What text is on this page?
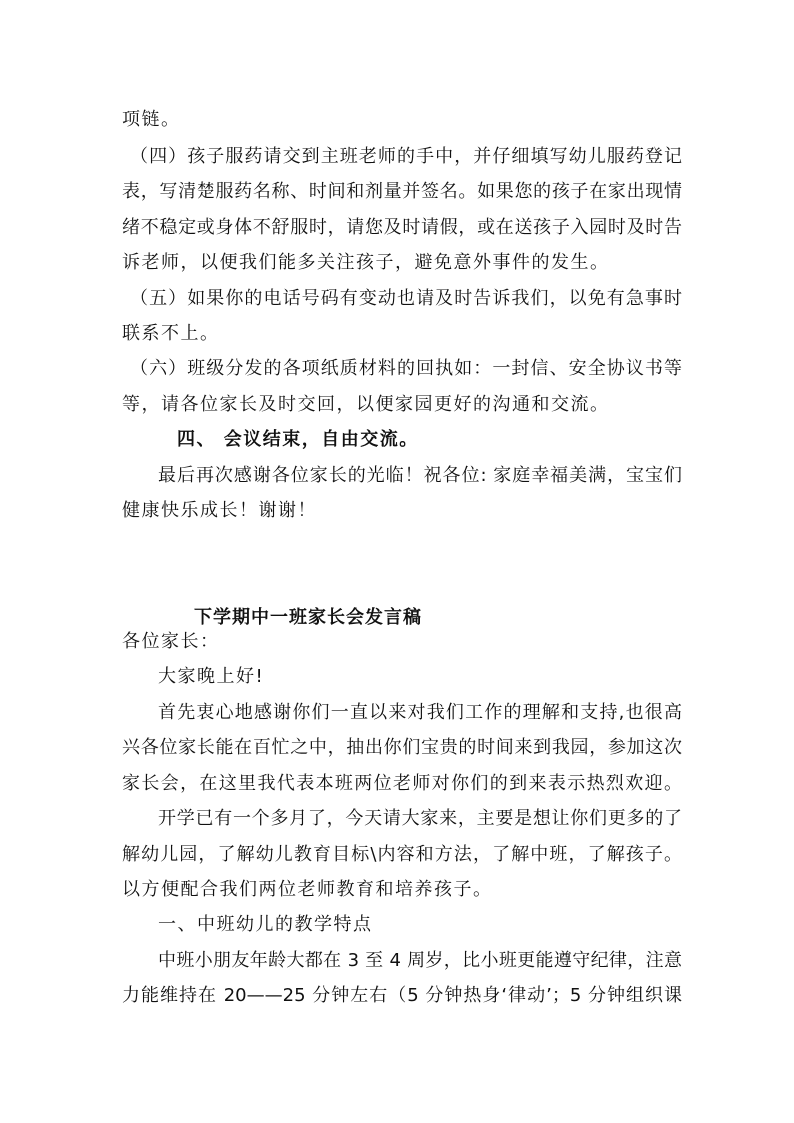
项链。
（四）孩子服药请交到主班老师的手中，并仔细填写幼儿服药登记
表，写清楚服药名称、时间和剂量并签名。如果您的孩子在家出现情
绪不稳定或身体不舒服时，请您及时请假，或在送孩子入园时及时告
诉老师，以便我们能多关注孩子，避免意外事件的发生。
（五）如果你的电话号码有变动也请及时告诉我们，以免有急事时
联系不上。
（六）班级分发的各项纸质材料的回执如：一封信、安全协议书等
等，请各位家长及时交回，以便家园更好的沟通和交流。
四、 会议结束，自由交流。
最后再次感谢各位家长的光临！祝各位: 家庭幸福美满，宝宝们
健康快乐成长！谢谢！
下学期中一班家长会发言稿
各位家长：
大家晚上好!
首先衷心地感谢你们一直以来对我们工作的理解和支持,也很高
兴各位家长能在百忙之中，抽出你们宝贵的时间来到我园，参加这次
家长会，在这里我代表本班两位老师对你们的到来表示热烈欢迎。
开学已有一个多月了，今天请大家来，主要是想让你们更多的了
解幼儿园，了解幼儿教育目标\内容和方法，了解中班，了解孩子。
以方便配合我们两位老师教育和培养孩子。
一、中班幼儿的教学特点
中班小朋友年龄大都在 3 至 4 周岁，比小班更能遵守纪律，注意
力能维持在 20——25 分钟左右（5 分钟热身‘律动’；5 分钟组织课
